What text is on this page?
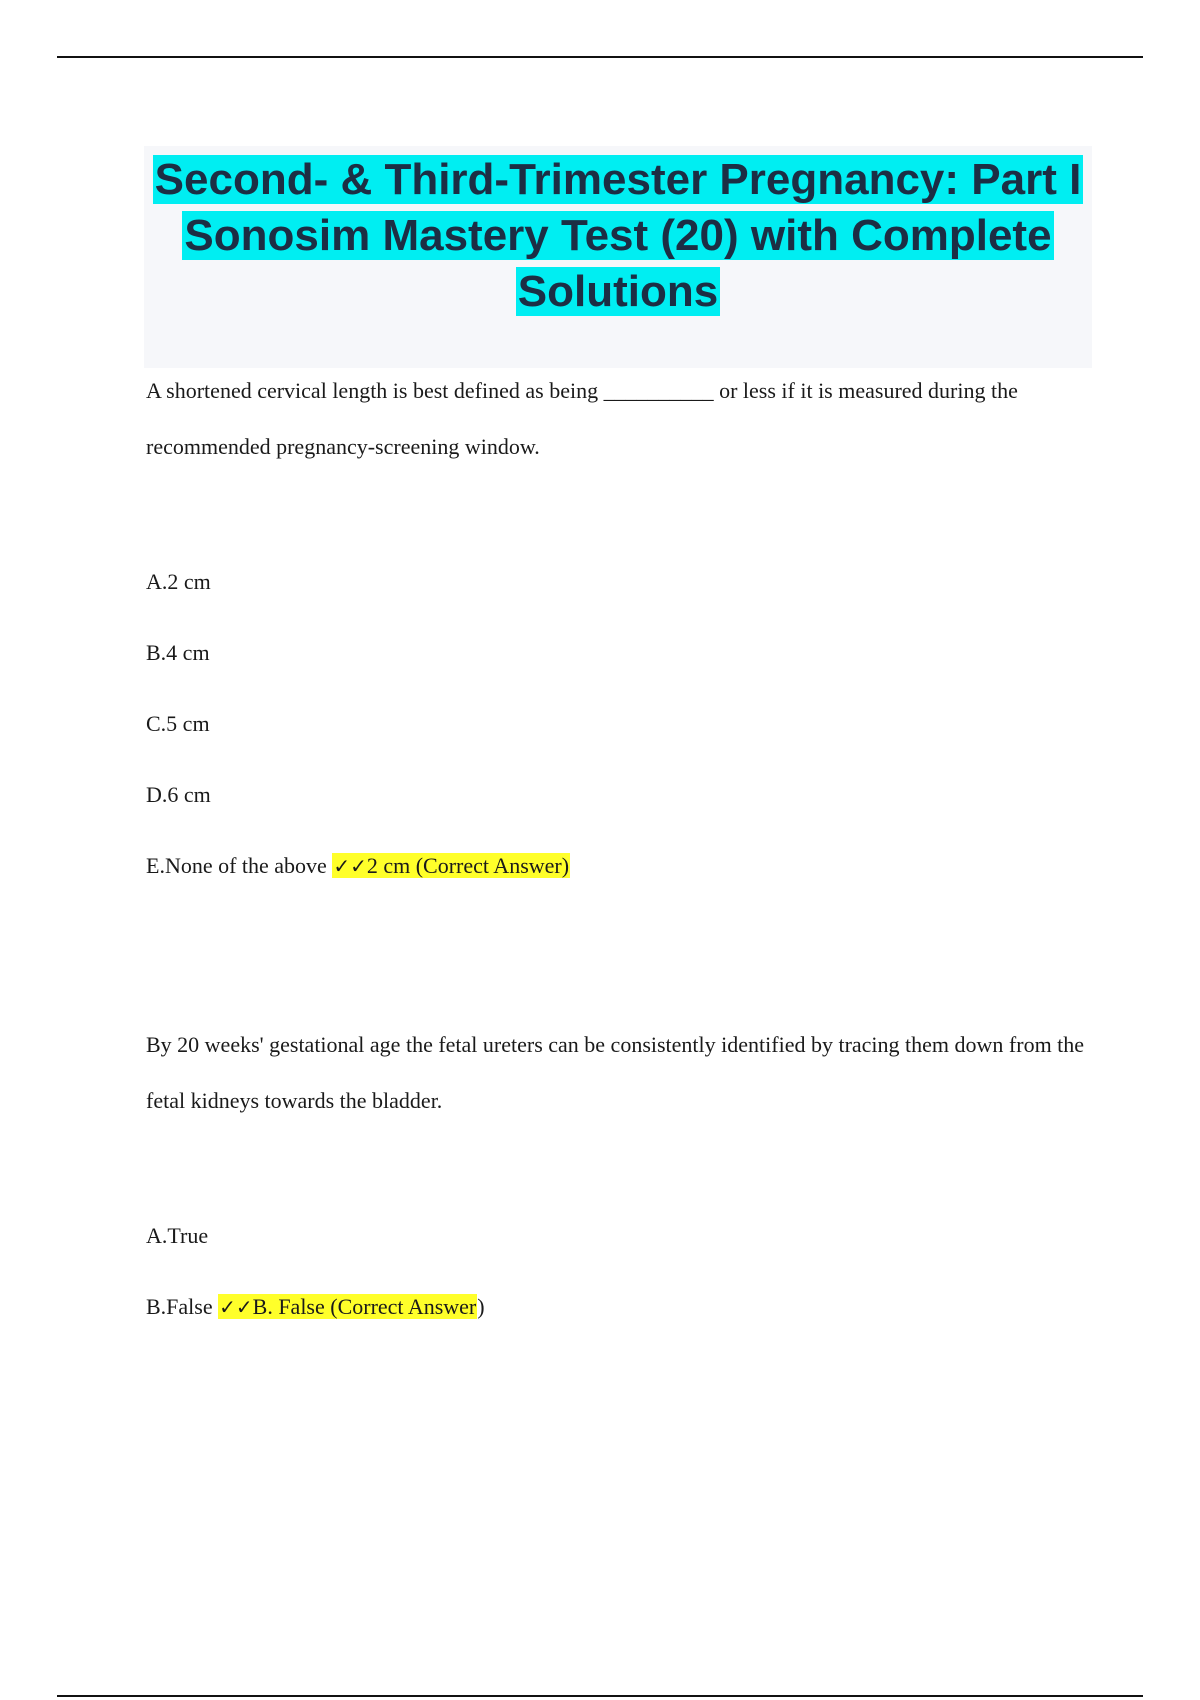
Second- & Third-Trimester Pregnancy: Part I Sonosim Mastery Test (20) with Complete Solutions

A shortened cervical length is best defined as being __________ or less if it is measured during the recommended pregnancy-screening window.

A.2 cm

B.4 cm

C.5 cm

D.6 cm

E.None of the above ✓✓2 cm (Correct Answer)

By 20 weeks' gestational age the fetal ureters can be consistently identified by tracing them down from the fetal kidneys towards the bladder.

A.True

B.False ✓✓B. False (Correct Answer)
